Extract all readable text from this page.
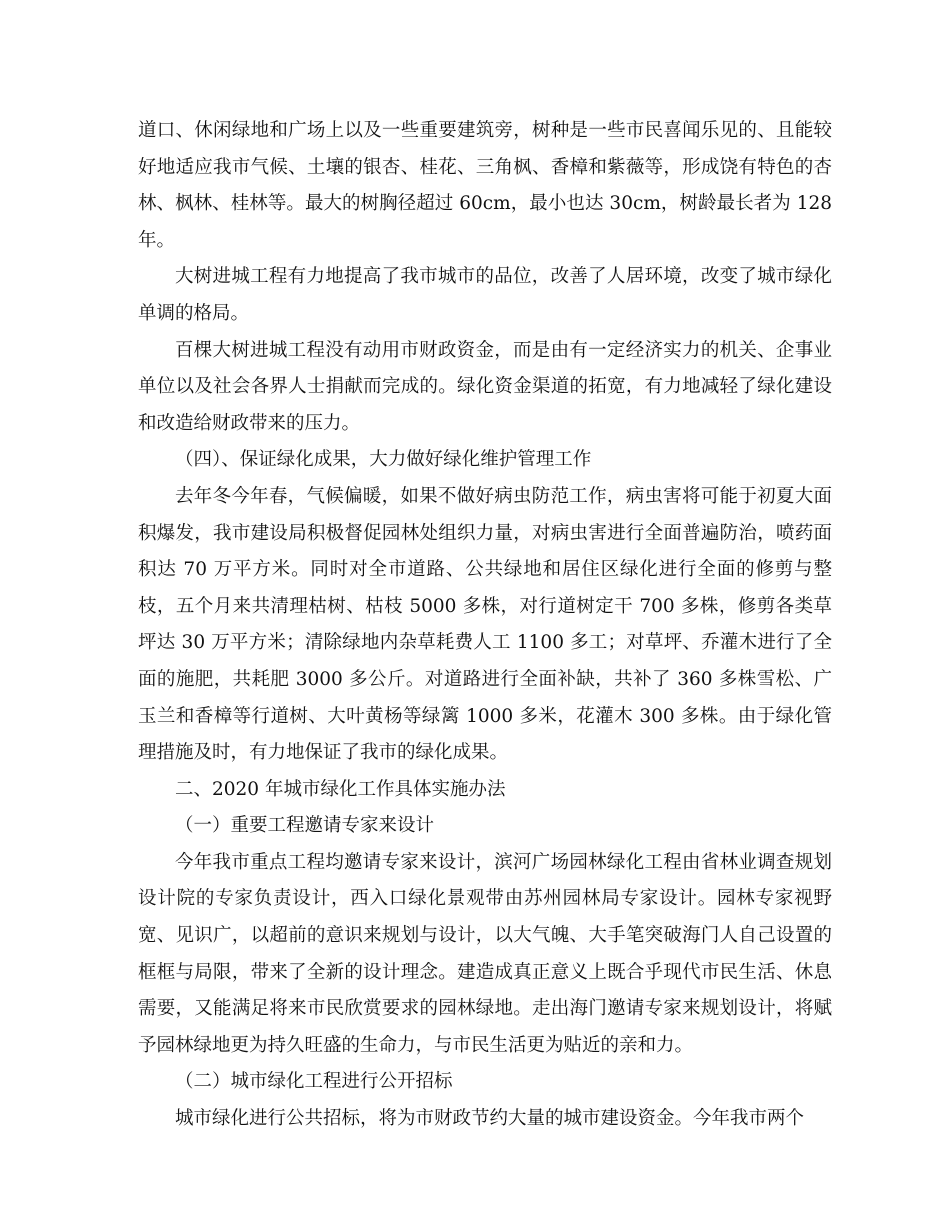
道口、休闲绿地和广场上以及一些重要建筑旁，树种是一些市民喜闻乐见的、且能较好地适应我市气候、土壤的银杏、桂花、三角枫、香樟和紫薇等，形成饶有特色的杏林、枫林、桂林等。最大的树胸径超过 60cm，最小也达 30cm，树龄最长者为 128 年。

大树进城工程有力地提高了我市城市的品位，改善了人居环境，改变了城市绿化单调的格局。

百棵大树进城工程没有动用市财政资金，而是由有一定经济实力的机关、企事业单位以及社会各界人士捐献而完成的。绿化资金渠道的拓宽，有力地减轻了绿化建设和改造给财政带来的压力。

（四）、保证绿化成果，大力做好绿化维护管理工作

去年冬今年春，气候偏暖，如果不做好病虫防范工作，病虫害将可能于初夏大面积爆发，我市建设局积极督促园林处组织力量，对病虫害进行全面普遍防治，喷药面积达 70 万平方米。同时对全市道路、公共绿地和居住区绿化进行全面的修剪与整枝，五个月来共清理枯树、枯枝 5000 多株，对行道树定干 700 多株，修剪各类草坪达 30 万平方米；清除绿地内杂草耗费人工 1100 多工；对草坪、乔灌木进行了全面的施肥，共耗肥 3000 多公斤。对道路进行全面补缺，共补了 360 多株雪松、广玉兰和香樟等行道树、大叶黄杨等绿篱 1000 多米，花灌木 300 多株。由于绿化管理措施及时，有力地保证了我市的绿化成果。

二、2020 年城市绿化工作具体实施办法

（一）重要工程邀请专家来设计

今年我市重点工程均邀请专家来设计，滨河广场园林绿化工程由省林业调查规划设计院的专家负责设计，西入口绿化景观带由苏州园林局专家设计。园林专家视野宽、见识广，以超前的意识来规划与设计，以大气魄、大手笔突破海门人自己设置的框框与局限，带来了全新的设计理念。建造成真正意义上既合乎现代市民生活、休息需要，又能满足将来市民欣赏要求的园林绿地。走出海门邀请专家来规划设计，将赋予园林绿地更为持久旺盛的生命力，与市民生活更为贴近的亲和力。

（二）城市绿化工程进行公开招标

城市绿化进行公共招标，将为市财政节约大量的城市建设资金。今年我市两个
